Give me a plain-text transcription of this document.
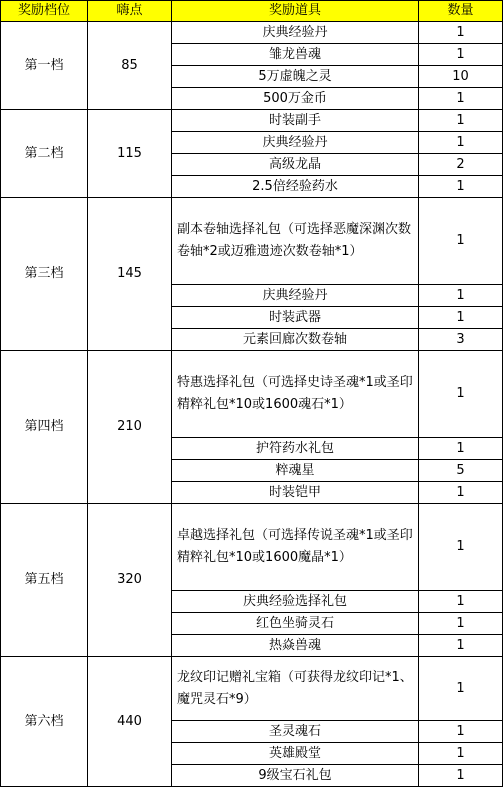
奖励档位	嗨点	奖励道具	数量
第一档	85	庆典经验丹	1
		雏龙兽魂	1
		5万虚魄之灵	10
		500万金币	1
第二档	115	时装副手	1
		庆典经验丹	1
		高级龙晶	2
		2.5倍经验药水	1
第三档	145	副本卷轴选择礼包（可选择恶魔深渊次数卷轴*2或迈雅遗迹次数卷轴*1）	1
		庆典经验丹	1
		时装武器	1
		元素回廊次数卷轴	3
第四档	210	特惠选择礼包（可选择史诗圣魂*1或圣印精粹礼包*10或1600魂石*1）	1
		护符药水礼包	1
		粹魂星	5
		时装铠甲	1
第五档	320	卓越选择礼包（可选择传说圣魂*1或圣印精粹礼包*10或1600魔晶*1）	1
		庆典经验选择礼包	1
		红色坐骑灵石	1
		热焱兽魂	1
第六档	440	龙纹印记赠礼宝箱（可获得龙纹印记*1、魔咒灵石*9）	1
		圣灵魂石	1
		英雄殿堂	1
		9级宝石礼包	1
